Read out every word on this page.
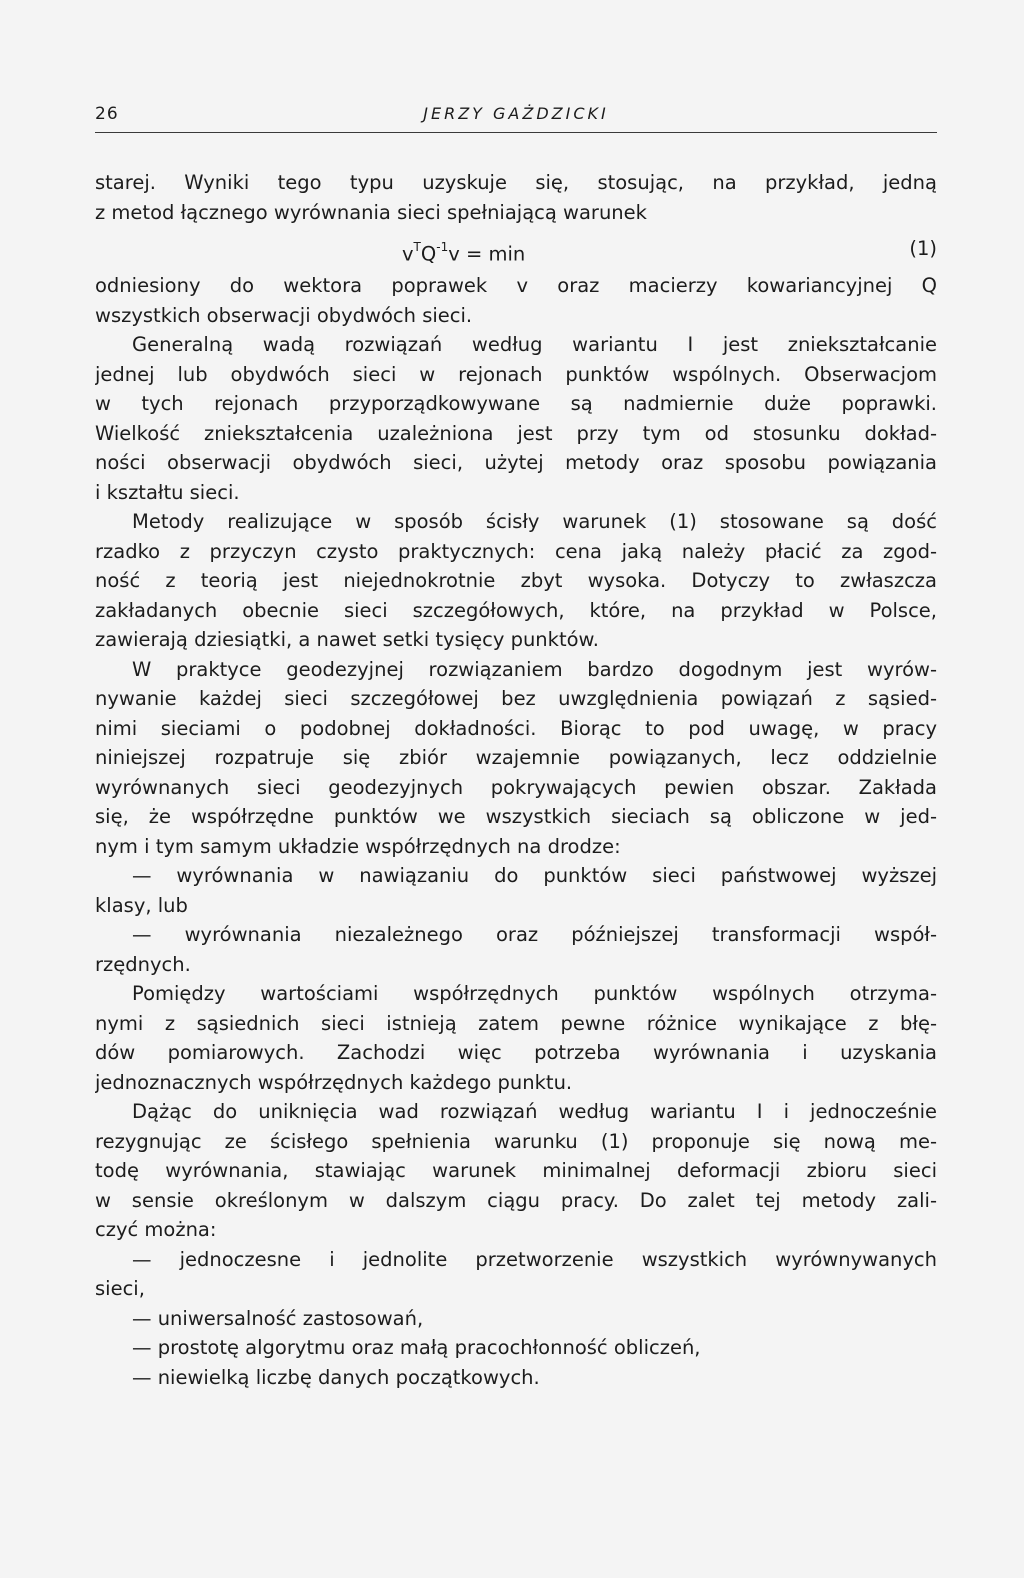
26	JERZY GAŻDZICKI
starej. Wyniki tego typu uzyskuje się, stosując, na przykład, jedną
z metod łącznego wyrównania sieci spełniającą warunek
$v^TQ^{-1}v = \min$	(1)
odniesiony do wektora poprawek v oraz macierzy kowariancyjnej Q
wszystkich obserwacji obydwóch sieci.
Generalną wadą rozwiązań według wariantu I jest zniekształcanie
jednej lub obydwóch sieci w rejonach punktów wspólnych. Obserwacjom
w tych rejonach przyporządkowywane są nadmiernie duże poprawki.
Wielkość zniekształcenia uzależniona jest przy tym od stosunku dokład-
ności obserwacji obydwóch sieci, użytej metody oraz sposobu powiązania
i kształtu sieci.
Metody realizujące w sposób ścisły warunek (1) stosowane są dość
rzadko z przyczyn czysto praktycznych: cena jaką należy płacić za zgod-
ność z teorią jest niejednokrotnie zbyt wysoka. Dotyczy to zwłaszcza
zakładanych obecnie sieci szczegółowych, które, na przykład w Polsce,
zawierają dziesiątki, a nawet setki tysięcy punktów.
W praktyce geodezyjnej rozwiązaniem bardzo dogodnym jest wyrów-
nywanie każdej sieci szczegółowej bez uwzględnienia powiązań z sąsied-
nimi sieciami o podobnej dokładności. Biorąc to pod uwagę, w pracy
niniejszej rozpatruje się zbiór wzajemnie powiązanych, lecz oddzielnie
wyrównanych sieci geodezyjnych pokrywających pewien obszar. Zakłada
się, że współrzędne punktów we wszystkich sieciach są obliczone w jed-
nym i tym samym układzie współrzędnych na drodze:
— wyrównania w nawiązaniu do punktów sieci państwowej wyższej
klasy, lub
— wyrównania niezależnego oraz późniejszej transformacji współ-
rzędnych.
Pomiędzy wartościami współrzędnych punktów wspólnych otrzyma-
nymi z sąsiednich sieci istnieją zatem pewne różnice wynikające z błę-
dów pomiarowych. Zachodzi więc potrzeba wyrównania i uzyskania
jednoznacznych współrzędnych każdego punktu.
Dążąc do uniknięcia wad rozwiązań według wariantu I i jednocześnie
rezygnując ze ścisłego spełnienia warunku (1) proponuje się nową me-
todę wyrównania, stawiając warunek minimalnej deformacji zbioru sieci
w sensie określonym w dalszym ciągu pracy. Do zalet tej metody zali-
czyć można:
— jednoczesne i jednolite przetworzenie wszystkich wyrównywanych
sieci,
— uniwersalność zastosowań,
— prostotę algorytmu oraz małą pracochłonność obliczeń,
— niewielką liczbę danych początkowych.
